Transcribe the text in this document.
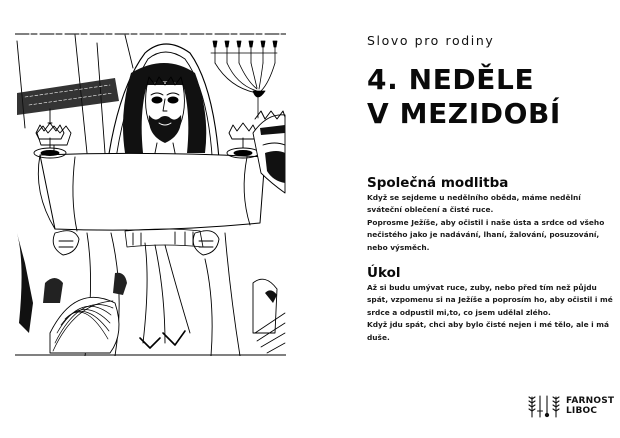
Slovo pro rodiny
4. NEDĚLE
V MEZIDOBÍ
Společná modlitba

Když se sejdeme u nedělního oběda, máme nedělní sváteční oblečení a čisté ruce.

Poprosme Ježíše, aby očistil i naše ústa a srdce od všeho nečistého jako je nadávání, lhaní, žalování, posuzování, nebo výsměch.

Úkol

Až si budu umývat ruce, zuby, nebo před tím než půjdu spát, vzpomenu si na Ježíše a poprosím ho, aby očistil i mé srdce a odpustil mi,to, co jsem udělal zlého.

Když jdu spát, chci aby bylo čisté nejen i mé tělo, ale i má duše.

FARNOST
LIBOC
